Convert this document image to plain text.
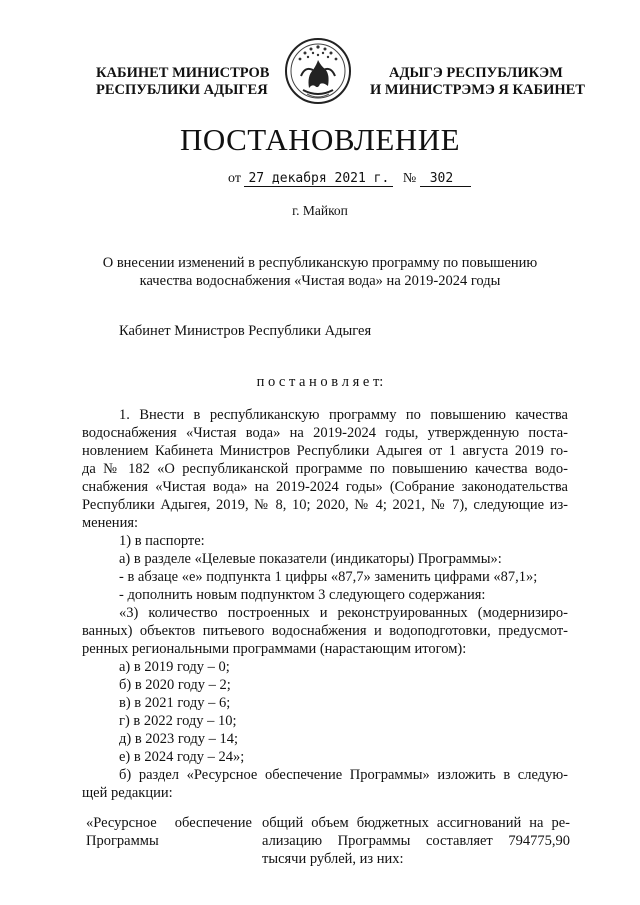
КАБИНЕТ МИНИСТРОВ
РЕСПУБЛИКИ АДЫГЕЯ
АДЫГЭ РЕСПУБЛИКЭМ
И МИНИСТРЭМЭ Я КАБИНЕТ
ПОСТАНОВЛЕНИЕ
от 27 декабря 2021 г. № 302
г. Майкоп
О внесении изменений в республиканскую программу по повышению
качества водоснабжения «Чистая вода» на 2019-2024 годы
Кабинет Министров Республики Адыгея
п о с т а н о в л я е т:
1. Внести в республиканскую программу по повышению качества
водоснабжения «Чистая вода» на 2019-2024 годы, утвержденную поста-
новлением Кабинета Министров Республики Адыгея от 1 августа 2019 го-
да № 182 «О республиканской программе по повышению качества водо-
снабжения «Чистая вода» на 2019-2024 годы» (Собрание законодательства
Республики Адыгея, 2019, № 8, 10; 2020, № 4; 2021, № 7), следующие из-
менения:
1) в паспорте:
а) в разделе «Целевые показатели (индикаторы) Программы»:
- в абзаце «е» подпункта 1 цифры «87,7» заменить цифрами «87,1»;
- дополнить новым подпунктом 3 следующего содержания:
«3) количество построенных и реконструированных (модернизиро-
ванных) объектов питьевого водоснабжения и водоподготовки, предусмот-
ренных региональными программами (нарастающим итогом):
а) в 2019 году – 0;
б) в 2020 году – 2;
в) в 2021 году – 6;
г) в 2022 году – 10;
д) в 2023 году – 14;
е) в 2024 году – 24»;
б) раздел «Ресурсное обеспечение Программы» изложить в следую-
щей редакции:
«Ресурсное обеспечение
Программы
общий объем бюджетных ассигнований на ре-
ализацию Программы составляет 794775,90
тысячи рублей, из них:
